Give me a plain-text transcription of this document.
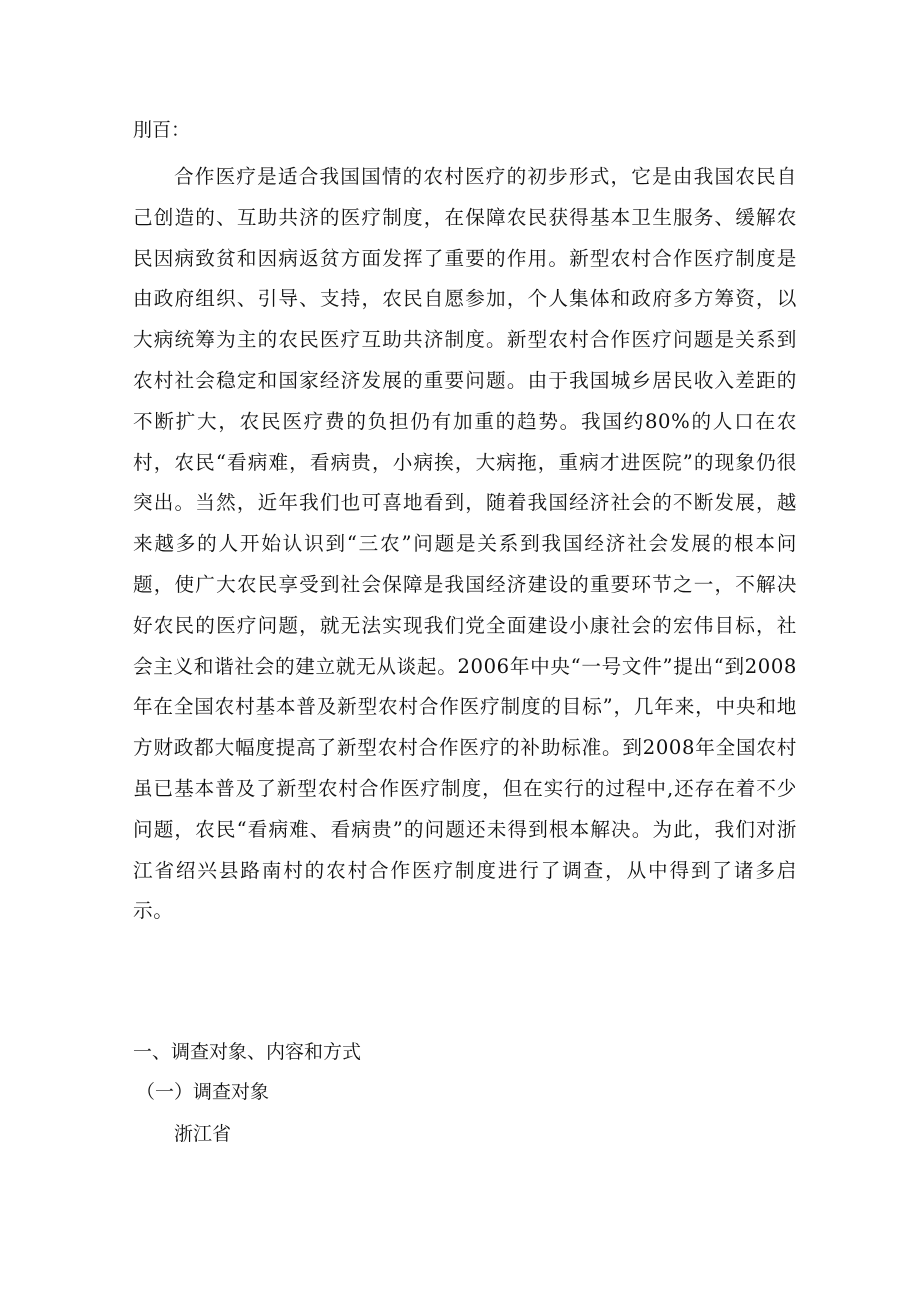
刖百：
合作医疗是适合我国国情的农村医疗的初步形式，它是由我国农民自己创造的、互助共济的医疗制度，在保障农民获得基本卫生服务、缓解农民因病致贫和因病返贫方面发挥了重要的作用。新型农村合作医疗制度是由政府组织、引导、支持，农民自愿参加，个人集体和政府多方筹资，以大病统筹为主的农民医疗互助共济制度。新型农村合作医疗问题是关系到农村社会稳定和国家经济发展的重要问题。由于我国城乡居民收入差距的不断扩大，农民医疗费的负担仍有加重的趋势。我国约80%的人口在农村，农民“看病难，看病贵，小病挨，大病拖，重病才进医院”的现象仍很突出。当然，近年我们也可喜地看到，随着我国经济社会的不断发展，越来越多的人开始认识到“三农”问题是关系到我国经济社会发展的根本问题，使广大农民享受到社会保障是我国经济建设的重要环节之一，不解决好农民的医疗问题，就无法实现我们党全面建设小康社会的宏伟目标，社会主义和谐社会的建立就无从谈起。2006年中央“一号文件”提出“到2008年在全国农村基本普及新型农村合作医疗制度的目标”，几年来，中央和地方财政都大幅度提高了新型农村合作医疗的补助标准。到2008年全国农村虽已基本普及了新型农村合作医疗制度，但在实行的过程中,还存在着不少问题，农民“看病难、看病贵”的问题还未得到根本解决。为此，我们对浙江省绍兴县路南村的农村合作医疗制度进行了调查，从中得到了诸多启示。
一、调查对象、内容和方式
（一）调查对象
浙江省
